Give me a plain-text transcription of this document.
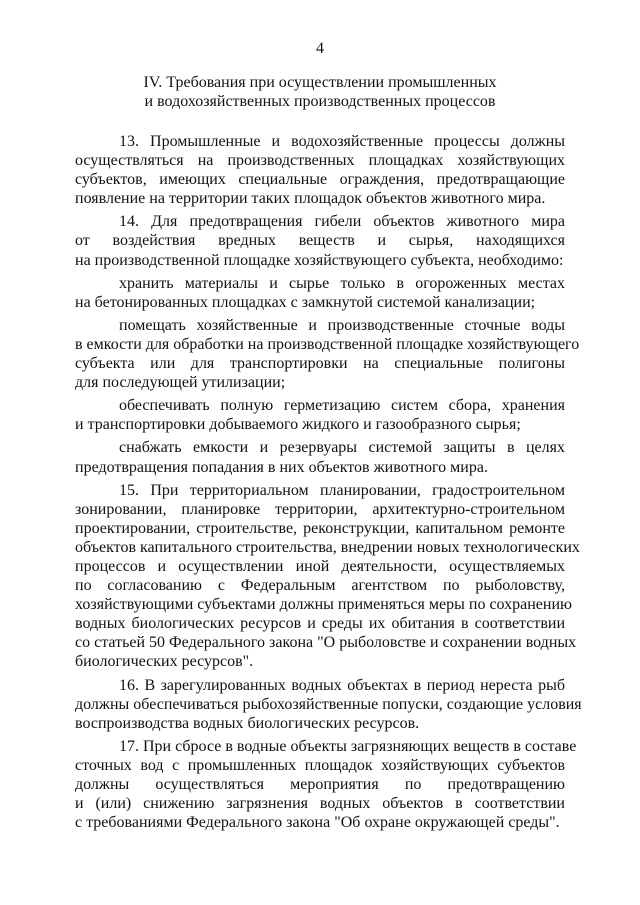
4
IV. Требования при осуществлении промышленных
и водохозяйственных производственных процессов
13. Промышленные и водохозяйственные процессы должны
осуществляться на производственных площадках хозяйствующих
субъектов, имеющих специальные ограждения, предотвращающие
появление на территории таких площадок объектов животного мира.
14. Для предотвращения гибели объектов животного мира
от воздействия вредных веществ и сырья, находящихся
на производственной площадке хозяйствующего субъекта, необходимо:
хранить материалы и сырье только в огороженных местах
на бетонированных площадках с замкнутой системой канализации;
помещать хозяйственные и производственные сточные воды
в емкости для обработки на производственной площадке хозяйствующего
субъекта или для транспортировки на специальные полигоны
для последующей утилизации;
обеспечивать полную герметизацию систем сбора, хранения
и транспортировки добываемого жидкого и газообразного сырья;
снабжать емкости и резервуары системой защиты в целях
предотвращения попадания в них объектов животного мира.
15. При территориальном планировании, градостроительном
зонировании, планировке территории, архитектурно-строительном
проектировании, строительстве, реконструкции, капитальном ремонте
объектов капитального строительства, внедрении новых технологических
процессов и осуществлении иной деятельности, осуществляемых
по согласованию с Федеральным агентством по рыболовству,
хозяйствующими субъектами должны применяться меры по сохранению
водных биологических ресурсов и среды их обитания в соответствии
со статьей 50 Федерального закона "О рыболовстве и сохранении водных
биологических ресурсов".
16. В зарегулированных водных объектах в период нереста рыб
должны обеспечиваться рыбохозяйственные попуски, создающие условия
воспроизводства водных биологических ресурсов.
17. При сбросе в водные объекты загрязняющих веществ в составе
сточных вод с промышленных площадок хозяйствующих субъектов
должны осуществляться мероприятия по предотвращению
и (или) снижению загрязнения водных объектов в соответствии
с требованиями Федерального закона "Об охране окружающей среды".
